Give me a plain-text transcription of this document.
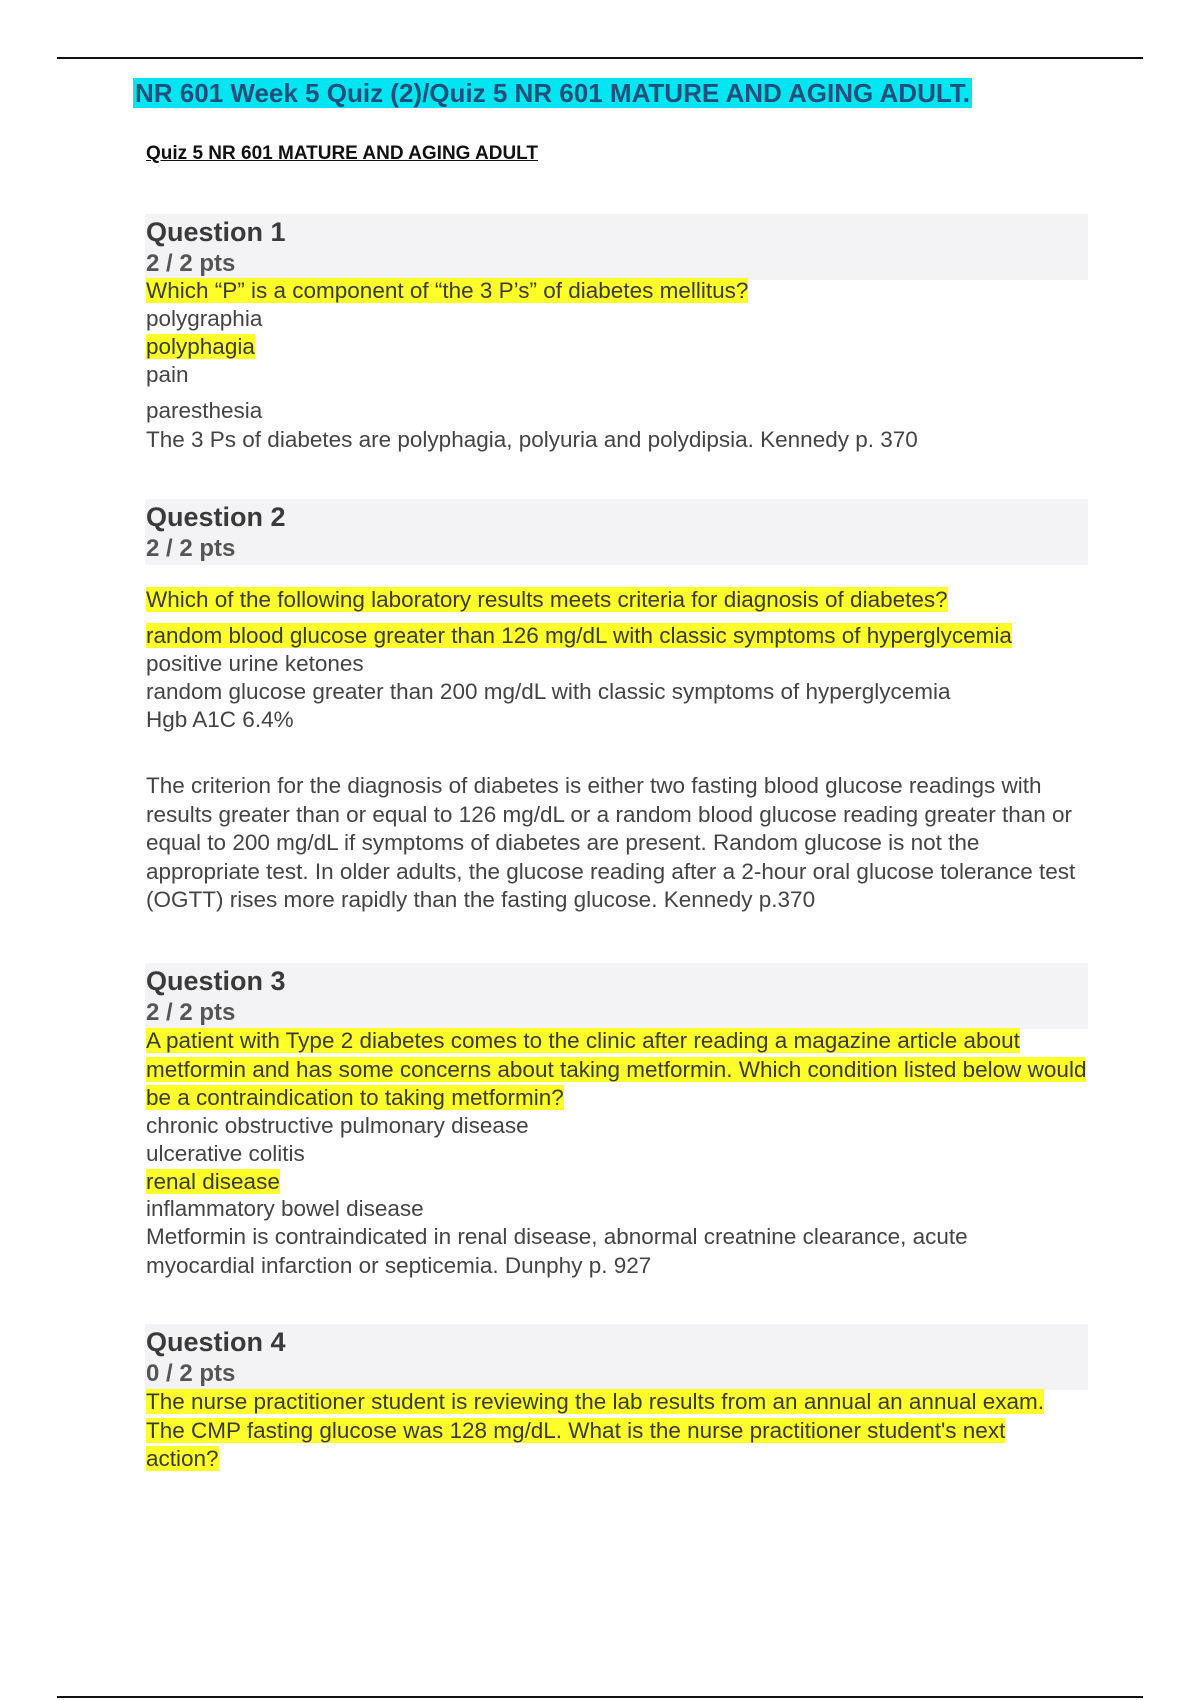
NR 601 Week 5 Quiz (2)/Quiz 5 NR 601 MATURE AND AGING ADULT.
Quiz 5 NR 601 MATURE AND AGING ADULT
Question 1
2 / 2 pts

Which “P” is a component of “the 3 P’s” of diabetes mellitus?

polygraphia

polyphagia

pain

paresthesia

The 3 Ps of diabetes are polyphagia, polyuria and polydipsia. Kennedy p. 370

Question 2
2 / 2 pts

Which of the following laboratory results meets criteria for diagnosis of diabetes?

random blood glucose greater than 126 mg/dL with classic symptoms of hyperglycemia

positive urine ketones

random glucose greater than 200 mg/dL with classic symptoms of hyperglycemia

Hgb A1C 6.4%

The criterion for the diagnosis of diabetes is either two fasting blood glucose readings with results greater than or equal to 126 mg/dL or a random blood glucose reading greater than or equal to 200 mg/dL if symptoms of diabetes are present. Random glucose is not the appropriate test. In older adults, the glucose reading after a 2-hour oral glucose tolerance test (OGTT) rises more rapidly than the fasting glucose. Kennedy p.370

Question 3
2 / 2 pts

A patient with Type 2 diabetes comes to the clinic after reading a magazine article about metformin and has some concerns about taking metformin. Which condition listed below would be a contraindication to taking metformin?

chronic obstructive pulmonary disease

ulcerative colitis

renal disease

inflammatory bowel disease

Metformin is contraindicated in renal disease, abnormal creatnine clearance, acute myocardial infarction or septicemia. Dunphy p. 927

Question 4
0 / 2 pts

The nurse practitioner student is reviewing the lab results from an annual an annual exam. The CMP fasting glucose was 128 mg/dL. What is the nurse practitioner student's next action?
